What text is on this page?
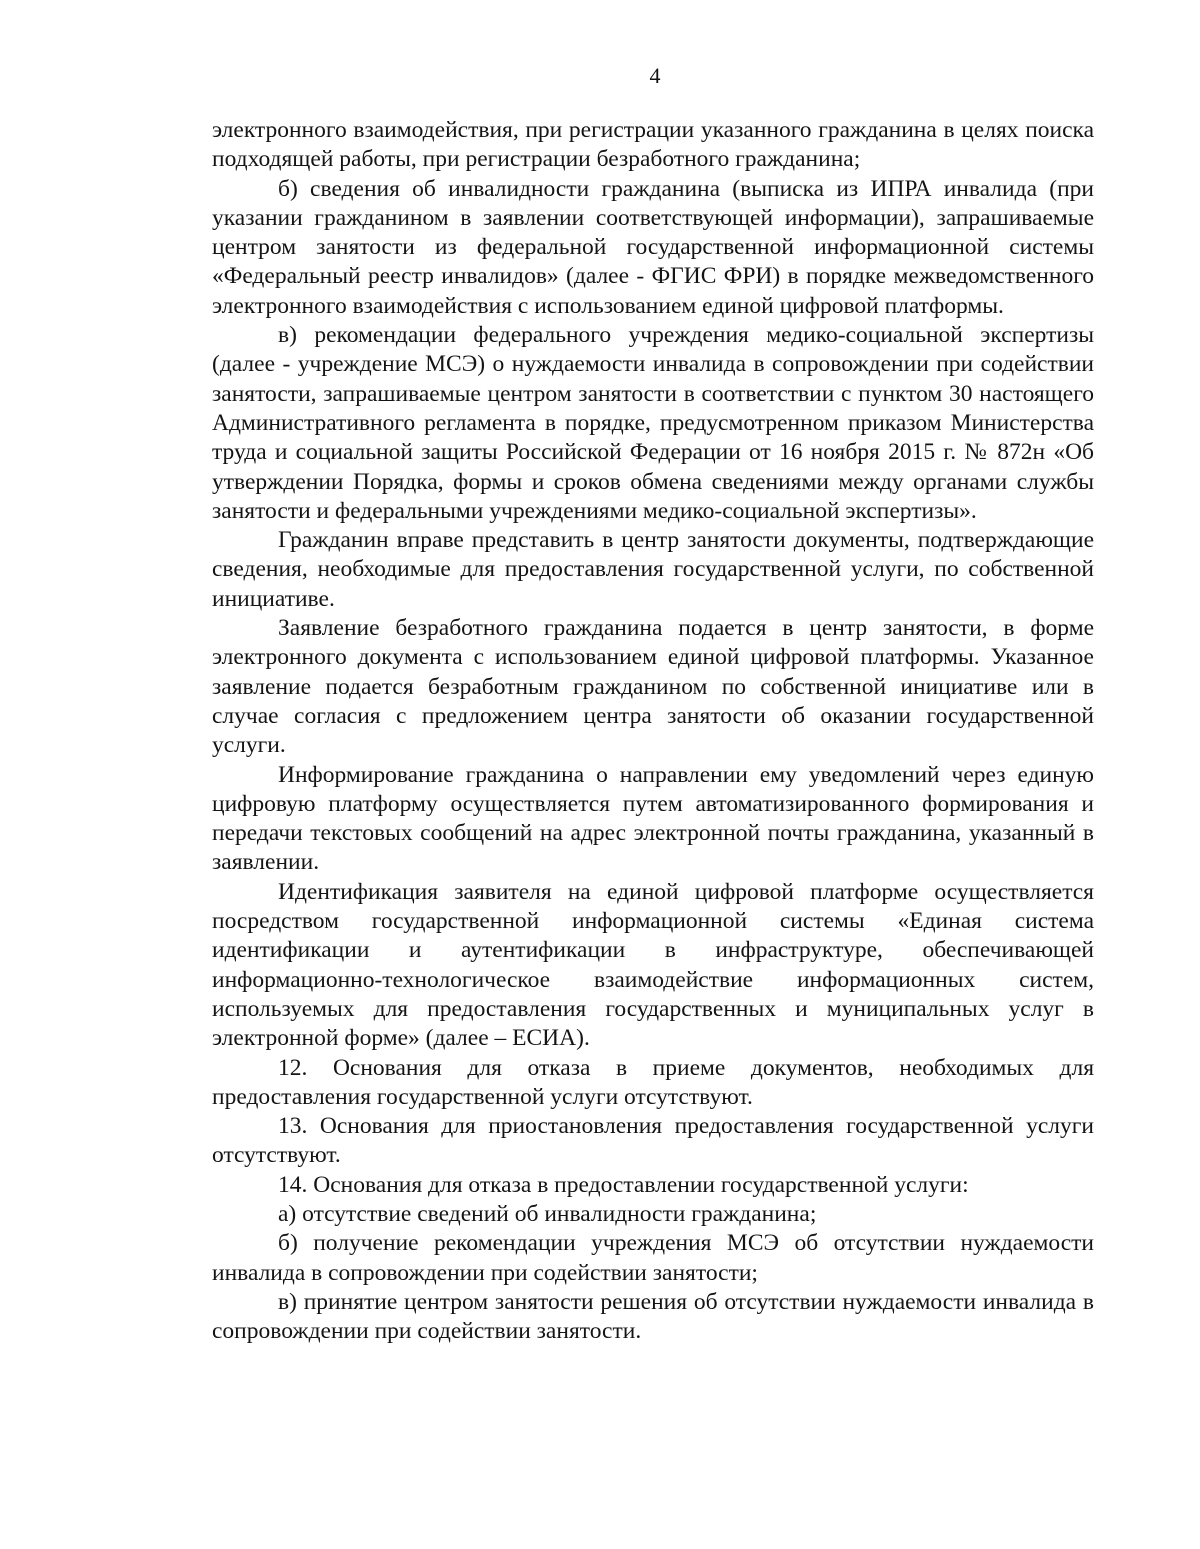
4

электронного взаимодействия, при регистрации указанного гражданина в целях поиска подходящей работы, при регистрации безработного гражданина;

б) сведения об инвалидности гражданина (выписка из ИПРА инвалида (при указании гражданином в заявлении соответствующей информации), запрашиваемые центром занятости из федеральной государственной информационной системы «Федеральный реестр инвалидов» (далее - ФГИС ФРИ) в порядке межведомственного электронного взаимодействия с использованием единой цифровой платформы.

в) рекомендации федерального учреждения медико-социальной экспертизы (далее - учреждение МСЭ) о нуждаемости инвалида в сопровождении при содействии занятости, запрашиваемые центром занятости в соответствии с пунктом 30 настоящего Административного регламента в порядке, предусмотренном приказом Министерства труда и социальной защиты Российской Федерации от 16 ноября 2015 г. № 872н «Об утверждении Порядка, формы и сроков обмена сведениями между органами службы занятости и федеральными учреждениями медико-социальной экспертизы».

Гражданин вправе представить в центр занятости документы, подтверждающие сведения, необходимые для предоставления государственной услуги, по собственной инициативе.

Заявление безработного гражданина подается в центр занятости, в форме электронного документа с использованием единой цифровой платформы. Указанное заявление подается безработным гражданином по собственной инициативе или в случае согласия с предложением центра занятости об оказании государственной услуги.

Информирование гражданина о направлении ему уведомлений через единую цифровую платформу осуществляется путем автоматизированного формирования и передачи текстовых сообщений на адрес электронной почты гражданина, указанный в заявлении.

Идентификация заявителя на единой цифровой платформе осуществляется посредством государственной информационной системы «Единая система идентификации и аутентификации в инфраструктуре, обеспечивающей информационно-технологическое взаимодействие информационных систем, используемых для предоставления государственных и муниципальных услуг в электронной форме» (далее – ЕСИА).

12. Основания для отказа в приеме документов, необходимых для предоставления государственной услуги отсутствуют.

13. Основания для приостановления предоставления государственной услуги отсутствуют.

14. Основания для отказа в предоставлении государственной услуги:

а) отсутствие сведений об инвалидности гражданина;

б) получение рекомендации учреждения МСЭ об отсутствии нуждаемости инвалида в сопровождении при содействии занятости;

в) принятие центром занятости решения об отсутствии нуждаемости инвалида в сопровождении при содействии занятости.
